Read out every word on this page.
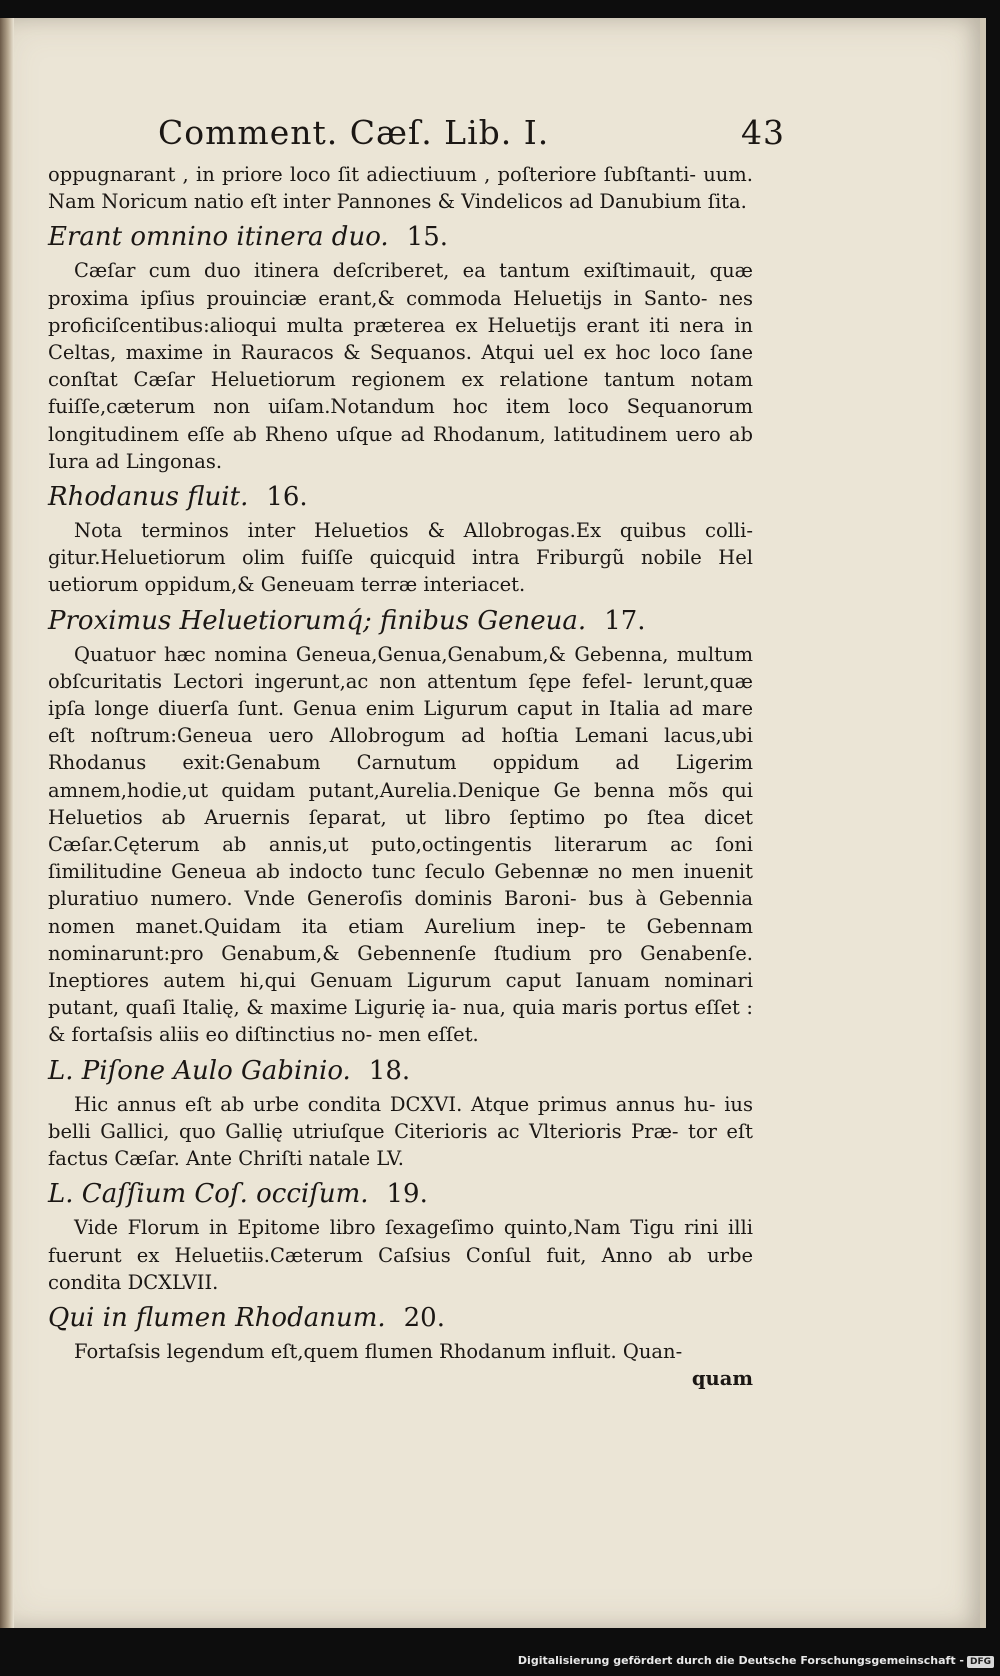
Comment. Cæſ. Lib. I.	43

oppugnarant , in priore loco ſit adiectiuum , poſteriore ſubſtanti- uum. Nam Noricum natio eſt inter Pannones & Vindelicos ad Danubium ſita.

Erant omnino itinera duo. 15.

Cæſar cum duo itinera deſcriberet, ea tantum exiſtimauit, quæ proxima ipſius prouinciæ erant,& commoda Heluetijs in Santo- nes proficiſcentibus:alioqui multa præterea ex Heluetijs erant iti nera in Celtas, maxime in Rauracos & Sequanos. Atqui uel ex hoc loco ſane conſtat Cæſar Heluetiorum regionem ex relatione tantum notam fuiſſe,cæterum non uiſam.Notandum hoc item loco Sequanorum longitudinem eſſe ab Rheno uſque ad Rhodanum, latitudinem uero ab Iura ad Lingonas.

Rhodanus fluit. 16.

Nota terminos inter Heluetios & Allobrogas.Ex quibus colli- gitur.Heluetiorum olim fuiſſe quicquid intra Friburgũ nobile Hel uetiorum oppidum,& Geneuam terræ interiacet.

Proximus Heluetiorumq́; finibus Geneua. 17.

Quatuor hæc nomina Geneua,Genua,Genabum,& Gebenna, multum obſcuritatis Lectori ingerunt,ac non attentum ſępe fefel- lerunt,quæ ipſa longe diuerſa ſunt. Genua enim Ligurum caput in Italia ad mare eſt noſtrum:Geneua uero Allobrogum ad hoſtia Lemani lacus,ubi Rhodanus exit:Genabum Carnutum oppidum ad Ligerim amnem,hodie,ut quidam putant,Aurelia.Denique Ge benna mõs qui Heluetios ab Aruernis ſeparat, ut libro ſeptimo po ſtea dicet Cæſar.Cęterum ab annis,ut puto,octingentis literarum ac ſoni ſimilitudine Geneua ab indocto tunc ſeculo Gebennæ no men inuenit pluratiuo numero. Vnde Generoſis dominis Baroni- bus à Gebennia nomen manet.Quidam ita etiam Aurelium inep- te Gebennam nominarunt:pro Genabum,& Gebennenſe ſtudium pro Genabenſe. Ineptiores autem hi,qui Genuam Ligurum caput Ianuam nominari putant, quaſi Italię, & maxime Ligurię ia- nua, quia maris portus eſſet : & fortaſsis aliis eo diſtinctius no- men eſſet.

L. Piſone Aulo Gabinio. 18.

Hic annus eſt ab urbe condita DCXVI. Atque primus annus hu- ius belli Gallici, quo Gallię utriuſque Citerioris ac Vlterioris Præ- tor eſt factus Cæſar. Ante Chriſti natale LV.

L. Caſſium Coſ. occiſum. 19.

Vide Florum in Epitome libro ſexageſimo quinto,Nam Tigu rini illi fuerunt ex Heluetiis.Cæterum Caſsius Conſul fuit, Anno ab urbe condita DCXLVII.

Qui in flumen Rhodanum. 20.

Fortaſsis legendum eſt,quem flumen Rhodanum influit. Quan-

quam
Digitalisierung gefördert durch die Deutsche Forschungsgemeinschaft - DFG
